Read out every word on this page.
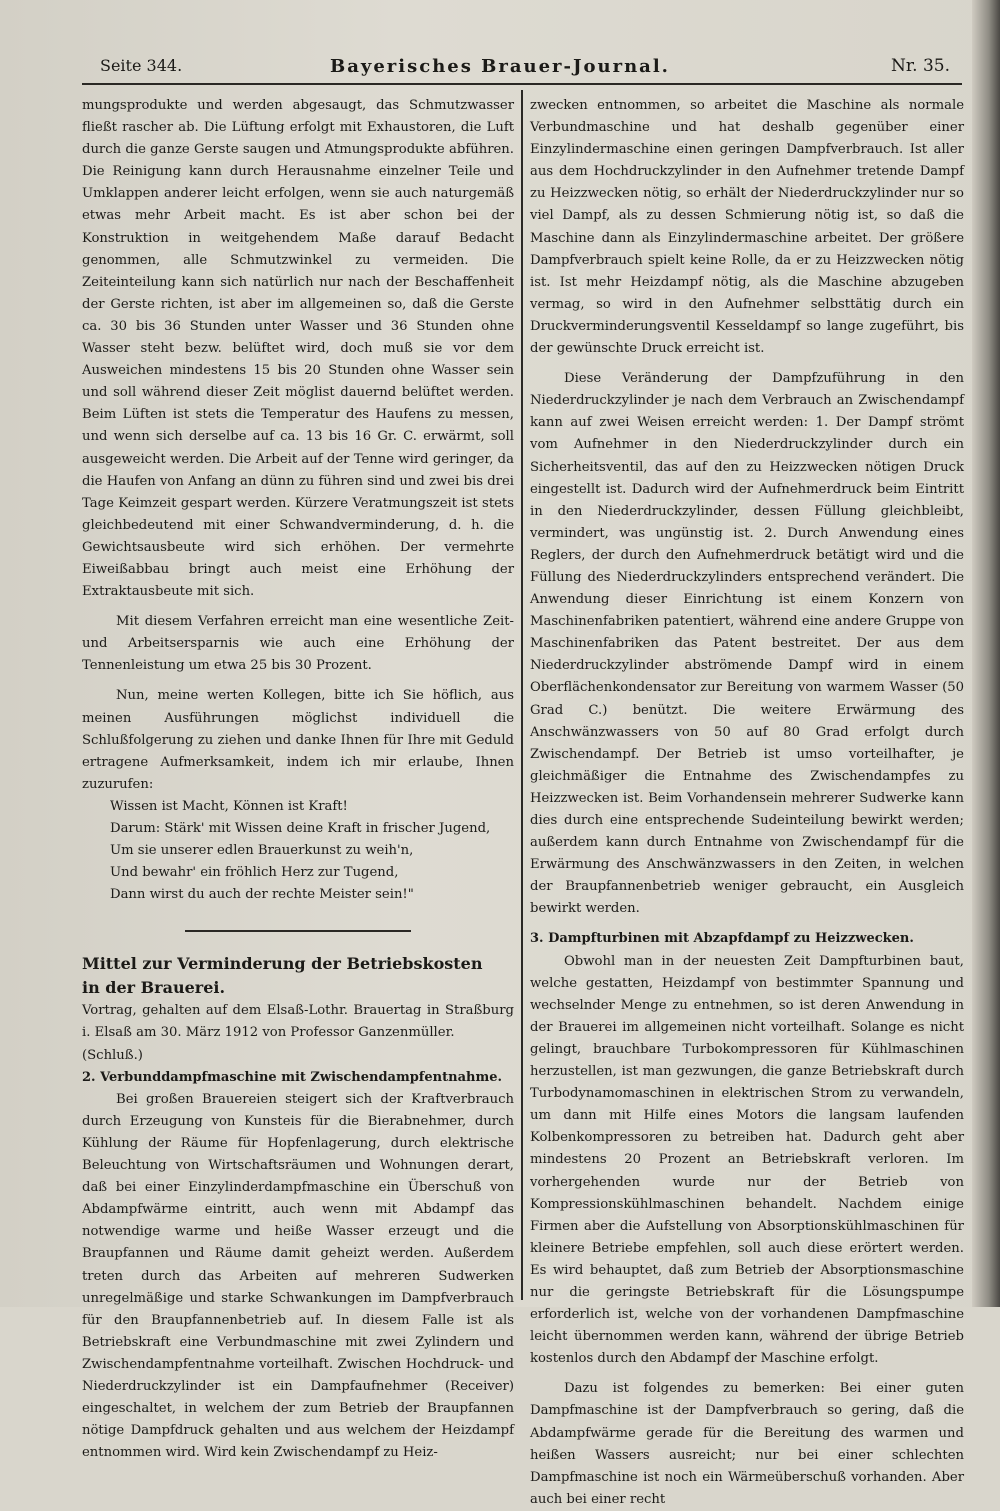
Seite 344.	Bayerisches Brauer-Journal.	Nr. 35.

mungsprodukte und werden abgesaugt, das Schmutzwasser fließt rascher ab. Die Lüftung erfolgt mit Exhaustoren, die Luft durch die ganze Gerste saugen und Atmungsprodukte abführen. Die Reinigung kann durch Herausnahme einzelner Teile und Umklappen anderer leicht erfolgen, wenn sie auch naturgemäß etwas mehr Arbeit macht. Es ist aber schon bei der Konstruktion in weitgehendem Maße darauf Bedacht genommen, alle Schmutzwinkel zu vermeiden. Die Zeiteinteilung kann sich natürlich nur nach der Beschaffenheit der Gerste richten, ist aber im allgemeinen so, daß die Gerste ca. 30 bis 36 Stunden unter Wasser und 36 Stunden ohne Wasser steht bezw. belüftet wird, doch muß sie vor dem Ausweichen mindestens 15 bis 20 Stunden ohne Wasser sein und soll während dieser Zeit möglist dauernd belüftet werden. Beim Lüften ist stets die Temperatur des Haufens zu messen, und wenn sich derselbe auf ca. 13 bis 16 Gr. C. erwärmt, soll ausgeweicht werden. Die Arbeit auf der Tenne wird geringer, da die Haufen von Anfang an dünn zu führen sind und zwei bis drei Tage Keimzeit gespart werden. Kürzere Veratmungszeit ist stets gleichbedeutend mit einer Schwandverminderung, d. h. die Gewichtsausbeute wird sich erhöhen. Der vermehrte Eiweißabbau bringt auch meist eine Erhöhung der Extraktausbeute mit sich.

Mit diesem Verfahren erreicht man eine wesentliche Zeit- und Arbeitsersparnis wie auch eine Erhöhung der Tennenleistung um etwa 25 bis 30 Prozent.

Nun, meine werten Kollegen, bitte ich Sie höflich, aus meinen Ausführungen möglichst individuell die Schlußfolgerung zu ziehen und danke Ihnen für Ihre mit Geduld ertragene Aufmerksamkeit, indem ich mir erlaube, Ihnen zuzurufen:

Wissen ist Macht, Können ist Kraft!
Darum: Stärk' mit Wissen deine Kraft in frischer Jugend,
Um sie unserer edlen Brauerkunst zu weih'n,
Und bewahr' ein fröhlich Herz zur Tugend,
Dann wirst du auch der rechte Meister sein!"

Mittel zur Verminderung der Betriebskosten

in der Brauerei.

Vortrag, gehalten auf dem Elsaß-Lothr. Brauertag in Straßburg i. Elsaß am 30. März 1912 von Professor Ganzenmüller.

(Schluß.)

2. Verbunddampfmaschine mit Zwischendampfentnahme.

Bei großen Brauereien steigert sich der Kraftverbrauch durch Erzeugung von Kunsteis für die Bierabnehmer, durch Kühlung der Räume für Hopfenlagerung, durch elektrische Beleuchtung von Wirtschaftsräumen und Wohnungen derart, daß bei einer Einzylinderdampfmaschine ein Überschuß von Abdampfwärme eintritt, auch wenn mit Abdampf das notwendige warme und heiße Wasser erzeugt und die Braupfannen und Räume damit geheizt werden. Außerdem treten durch das Arbeiten auf mehreren Sudwerken unregelmäßige und starke Schwankungen im Dampfverbrauch für den Braupfannenbetrieb auf. In diesem Falle ist als Betriebskraft eine Verbundmaschine mit zwei Zylindern und Zwischendampfentnahme vorteilhaft. Zwischen Hochdruck- und Niederdruckzylinder ist ein Dampfaufnehmer (Receiver) eingeschaltet, in welchem der zum Betrieb der Braupfannen nötige Dampfdruck gehalten und aus welchem der Heizdampf entnommen wird. Wird kein Zwischendampf zu Heiz-

zwecken entnommen, so arbeitet die Maschine als normale Verbundmaschine und hat deshalb gegenüber einer Einzylindermaschine einen geringen Dampfverbrauch. Ist aller aus dem Hochdruckzylinder in den Aufnehmer tretende Dampf zu Heizzwecken nötig, so erhält der Niederdruckzylinder nur so viel Dampf, als zu dessen Schmierung nötig ist, so daß die Maschine dann als Einzylindermaschine arbeitet. Der größere Dampfverbrauch spielt keine Rolle, da er zu Heizzwecken nötig ist. Ist mehr Heizdampf nötig, als die Maschine abzugeben vermag, so wird in den Aufnehmer selbsttätig durch ein Druckverminderungsventil Kesseldampf so lange zugeführt, bis der gewünschte Druck erreicht ist.

Diese Veränderung der Dampfzuführung in den Niederdruckzylinder je nach dem Verbrauch an Zwischendampf kann auf zwei Weisen erreicht werden: 1. Der Dampf strömt vom Aufnehmer in den Niederdruckzylinder durch ein Sicherheitsventil, das auf den zu Heizzwecken nötigen Druck eingestellt ist. Dadurch wird der Aufnehmerdruck beim Eintritt in den Niederdruckzylinder, dessen Füllung gleichbleibt, vermindert, was ungünstig ist. 2. Durch Anwendung eines Reglers, der durch den Aufnehmerdruck betätigt wird und die Füllung des Niederdruckzylinders entsprechend verändert. Die Anwendung dieser Einrichtung ist einem Konzern von Maschinenfabriken patentiert, während eine andere Gruppe von Maschinenfabriken das Patent bestreitet. Der aus dem Niederdruckzylinder abströmende Dampf wird in einem Oberflächenkondensator zur Bereitung von warmem Wasser (50 Grad C.) benützt. Die weitere Erwärmung des Anschwänzwassers von 50 auf 80 Grad erfolgt durch Zwischendampf. Der Betrieb ist umso vorteilhafter, je gleichmäßiger die Entnahme des Zwischendampfes zu Heizzwecken ist. Beim Vorhandensein mehrerer Sudwerke kann dies durch eine entsprechende Sudeinteilung bewirkt werden; außerdem kann durch Entnahme von Zwischendampf für die Erwärmung des Anschwänzwassers in den Zeiten, in welchen der Braupfannenbetrieb weniger gebraucht, ein Ausgleich bewirkt werden.

3. Dampfturbinen mit Abzapfdampf zu Heizzwecken.

Obwohl man in der neuesten Zeit Dampfturbinen baut, welche gestatten, Heizdampf von bestimmter Spannung und wechselnder Menge zu entnehmen, so ist deren Anwendung in der Brauerei im allgemeinen nicht vorteilhaft. Solange es nicht gelingt, brauchbare Turbokompressoren für Kühlmaschinen herzustellen, ist man gezwungen, die ganze Betriebskraft durch Turbodynamomaschinen in elektrischen Strom zu verwandeln, um dann mit Hilfe eines Motors die langsam laufenden Kolbenkompressoren zu betreiben hat. Dadurch geht aber mindestens 20 Prozent an Betriebskraft verloren. Im vorhergehenden wurde nur der Betrieb von Kompressionskühlmaschinen behandelt. Nachdem einige Firmen aber die Aufstellung von Absorptionskühlmaschinen für kleinere Betriebe empfehlen, soll auch diese erörtert werden. Es wird behauptet, daß zum Betrieb der Absorptionsmaschine nur die geringste Betriebskraft für die Lösungspumpe erforderlich ist, welche von der vorhandenen Dampfmaschine leicht übernommen werden kann, während der übrige Betrieb kostenlos durch den Abdampf der Maschine erfolgt.

Dazu ist folgendes zu bemerken: Bei einer guten Dampfmaschine ist der Dampfverbrauch so gering, daß die Abdampfwärme gerade für die Bereitung des warmen und heißen Wassers ausreicht; nur bei einer schlechten Dampfmaschine ist noch ein Wärmeüberschuß vorhanden. Aber auch bei einer recht
